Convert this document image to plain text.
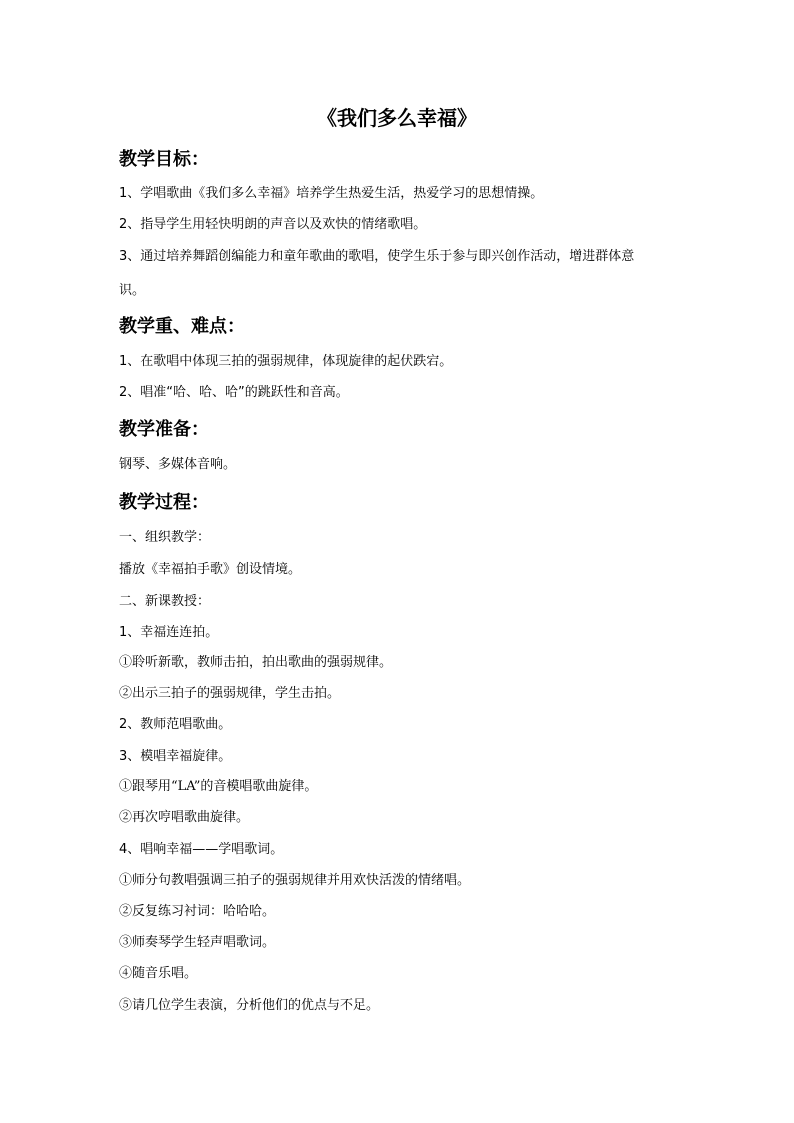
《我们多么幸福》
教学目标：
1、学唱歌曲《我们多么幸福》培养学生热爱生活，热爱学习的思想情操。
2、指导学生用轻快明朗的声音以及欢快的情绪歌唱。
3、通过培养舞蹈创编能力和童年歌曲的歌唱，使学生乐于参与即兴创作活动，增进群体意
识。
教学重、难点：
1、在歌唱中体现三拍的强弱规律，体现旋律的起伏跌宕。
2、唱准“哈、哈、哈”的跳跃性和音高。
教学准备：
钢琴、多媒体音响。
教学过程：
一、组织教学：
播放《幸福拍手歌》创设情境。
二、新课教授：
1、幸福连连拍。
①聆听新歌，教师击拍，拍出歌曲的强弱规律。
②出示三拍子的强弱规律，学生击拍。
2、教师范唱歌曲。
3、模唱幸福旋律。
①跟琴用“LA”的音模唱歌曲旋律。
②再次哼唱歌曲旋律。
4、唱响幸福——学唱歌词。
①师分句教唱强调三拍子的强弱规律并用欢快活泼的情绪唱。
②反复练习衬词：哈哈哈。
③师奏琴学生轻声唱歌词。
④随音乐唱。
⑤请几位学生表演，分析他们的优点与不足。
